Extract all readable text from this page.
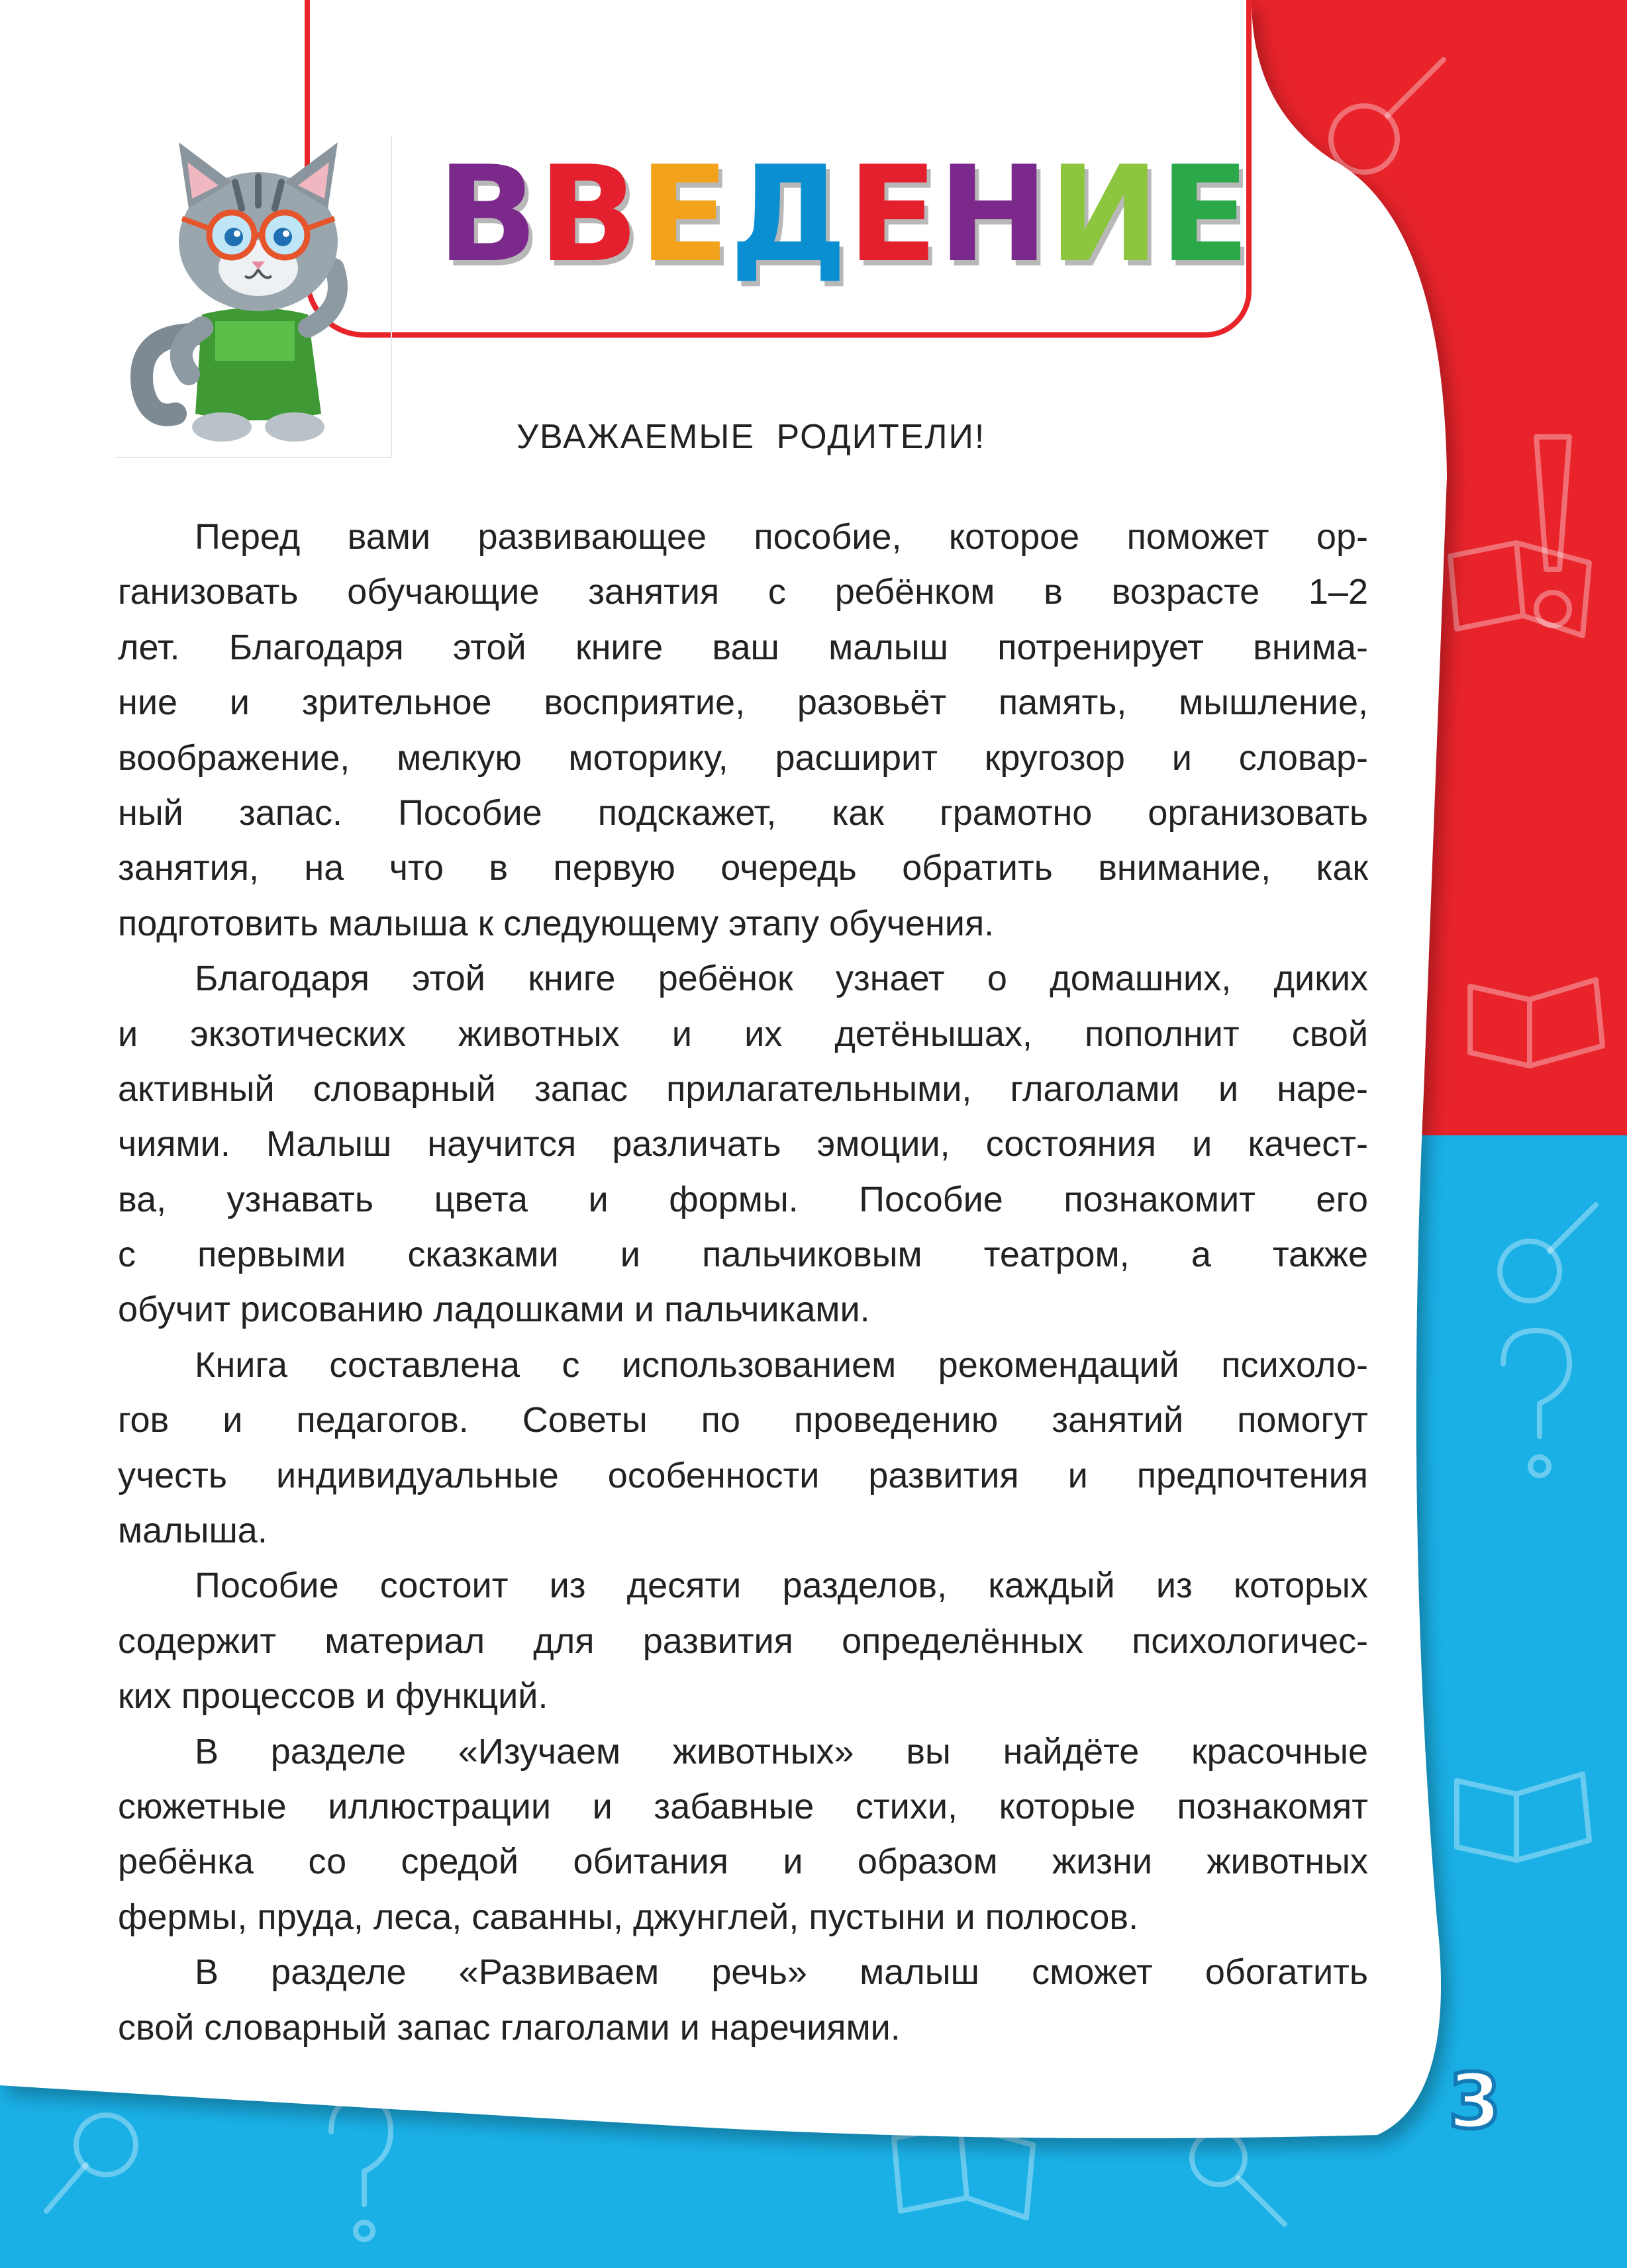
В В Е Д Е Н И Е
УВАЖАЕМЫЕ РОДИТЕЛИ!
Перед вами развивающее пособие, которое поможет ор-
ганизовать обучающие занятия с ребёнком в возрасте 1–2
лет. Благодаря этой книге ваш малыш потренирует внима-
ние и зрительное восприятие, разовьёт память, мышление,
воображение, мелкую моторику, расширит кругозор и словар-
ный запас. Пособие подскажет, как грамотно организовать
занятия, на что в первую очередь обратить внимание, как
подготовить малыша к следующему этапу обучения.
Благодаря этой книге ребёнок узнает о домашних, диких
и экзотических животных и их детёнышах, пополнит свой
активный словарный запас прилагательными, глаголами и наре-
чиями. Малыш научится различать эмоции, состояния и качест-
ва, узнавать цвета и формы. Пособие познакомит его
с первыми сказками и пальчиковым театром, а также
обучит рисованию ладошками и пальчиками.
Книга составлена с использованием рекомендаций психоло-
гов и педагогов. Советы по проведению занятий помогут
учесть индивидуальные особенности развития и предпочтения
малыша.
Пособие состоит из десяти разделов, каждый из которых
содержит материал для развития определённых психологичес-
ких процессов и функций.
В разделе «Изучаем животных» вы найдёте красочные
сюжетные иллюстрации и забавные стихи, которые познакомят
ребёнка со средой обитания и образом жизни животных
фермы, пруда, леса, саванны, джунглей, пустыни и полюсов.
В разделе «Развиваем речь» малыш сможет обогатить
свой словарный запас глаголами и наречиями.
3
